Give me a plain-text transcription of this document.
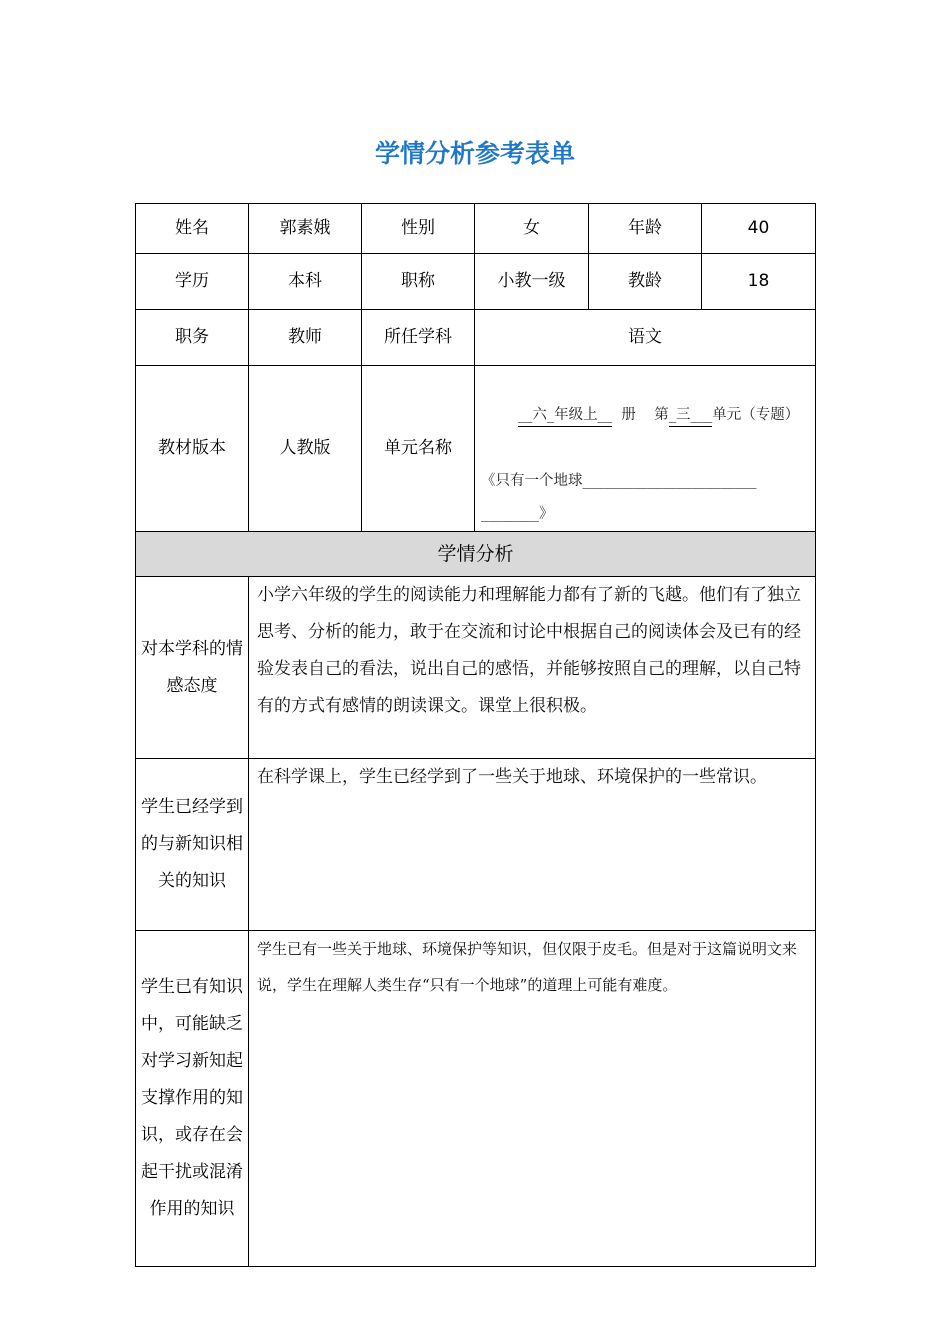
学情分析参考表单
姓名	郭素娥	性别	女	年龄	40
学历	本科	职称	小教一级	教龄	18
职务	教师	所任学科	语文		
教材版本	人教版	单元名称	__六_年级上__  册    第_三___单元（专题）

《只有一个地球________________________
________》		

学情分析					
对本学科的情感态度	小学六年级的学生的阅读能力和理解能力都有了新的飞越。他们有了独立思考、分析的能力，敢于在交流和讨论中根据自己的阅读体会及已有的经验发表自己的看法，说出自己的感悟，并能够按照自己的理解，以自己特有的方式有感情的朗读课文。课堂上很积极。				
学生已经学到的与新知识相关的知识	在科学课上，学生已经学到了一些关于地球、环境保护的一些常识。				
学生已有知识中，可能缺乏对学习新知起支撑作用的知识，或存在会起干扰或混淆作用的知识	学生已有一些关于地球、环境保护等知识，但仅限于皮毛。但是对于这篇说明文来说，学生在理解人类生存“只有一个地球”的道理上可能有难度。				
